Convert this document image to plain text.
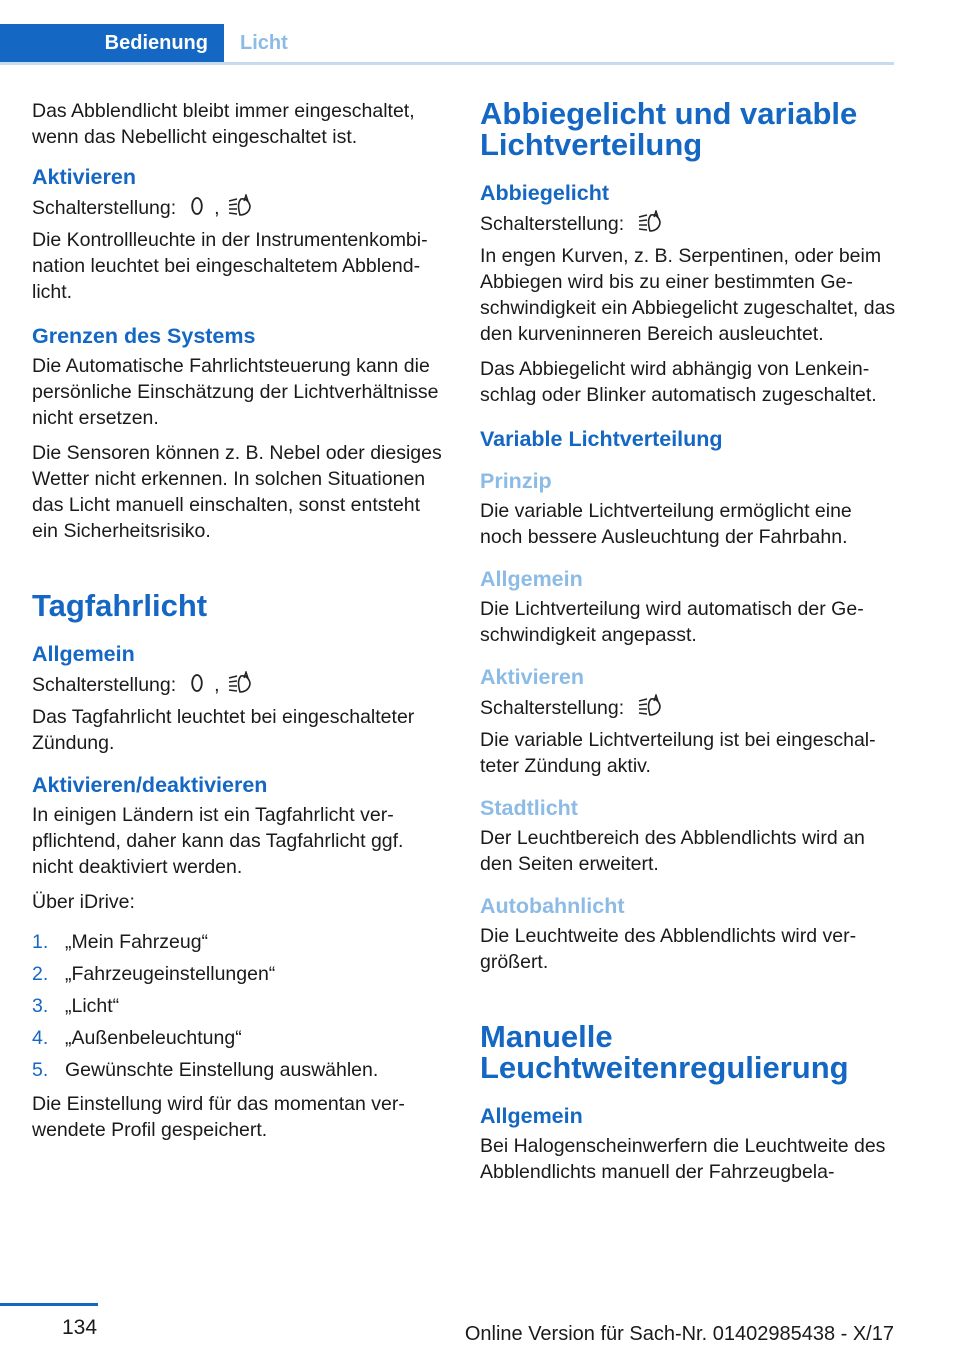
Bedienung	Licht

Das Abblendlicht bleibt immer eingeschaltet, wenn das Nebellicht eingeschaltet ist.

Aktivieren

Schalterstellung: ,

Die Kontrollleuchte in der Instrumentenkombination leuchtet bei eingeschaltetem Abblendlicht.

Grenzen des Systems

Die Automatische Fahrlichtsteuerung kann die persönliche Einschätzung der Lichtverhältnisse nicht ersetzen.

Die Sensoren können z. B. Nebel oder diesiges Wetter nicht erkennen. In solchen Situationen das Licht manuell einschalten, sonst entsteht ein Sicherheitsrisiko.

Tagfahrlicht
Allgemein

Schalterstellung: ,

Das Tagfahrlicht leuchtet bei eingeschalteter Zündung.

Aktivieren/deaktivieren

In einigen Ländern ist ein Tagfahrlicht verpflichtend, daher kann das Tagfahrlicht ggf. nicht deaktiviert werden.

Über iDrive:

1. „Mein Fahrzeug“
2. „Fahrzeugeinstellungen“
3. „Licht“
4. „Außenbeleuchtung“
5. Gewünschte Einstellung auswählen.

Die Einstellung wird für das momentan verwendete Profil gespeichert.

Abbiegelicht und variable Lichtverteilung
Abbiegelicht

Schalterstellung:

In engen Kurven, z. B. Serpentinen, oder beim Abbiegen wird bis zu einer bestimmten Geschwindigkeit ein Abbiegelicht zugeschaltet, das den kurveninneren Bereich ausleuchtet.

Das Abbiegelicht wird abhängig von Lenkeinschlag oder Blinker automatisch zugeschaltet.

Variable Lichtverteilung
Prinzip

Die variable Lichtverteilung ermöglicht eine noch bessere Ausleuchtung der Fahrbahn.

Allgemein

Die Lichtverteilung wird automatisch der Geschwindigkeit angepasst.

Aktivieren

Schalterstellung:

Die variable Lichtverteilung ist bei eingeschalteter Zündung aktiv.

Stadtlicht

Der Leuchtbereich des Abblendlichts wird an den Seiten erweitert.

Autobahnlicht

Die Leuchtweite des Abblendlichts wird vergrößert.

Manuelle Leuchtweitenregulierung
Allgemein

Bei Halogenscheinwerfern die Leuchtweite des Abblendlichts manuell der Fahrzeugbela-

134	Online Version für Sach-Nr. 01402985438 - X/17
